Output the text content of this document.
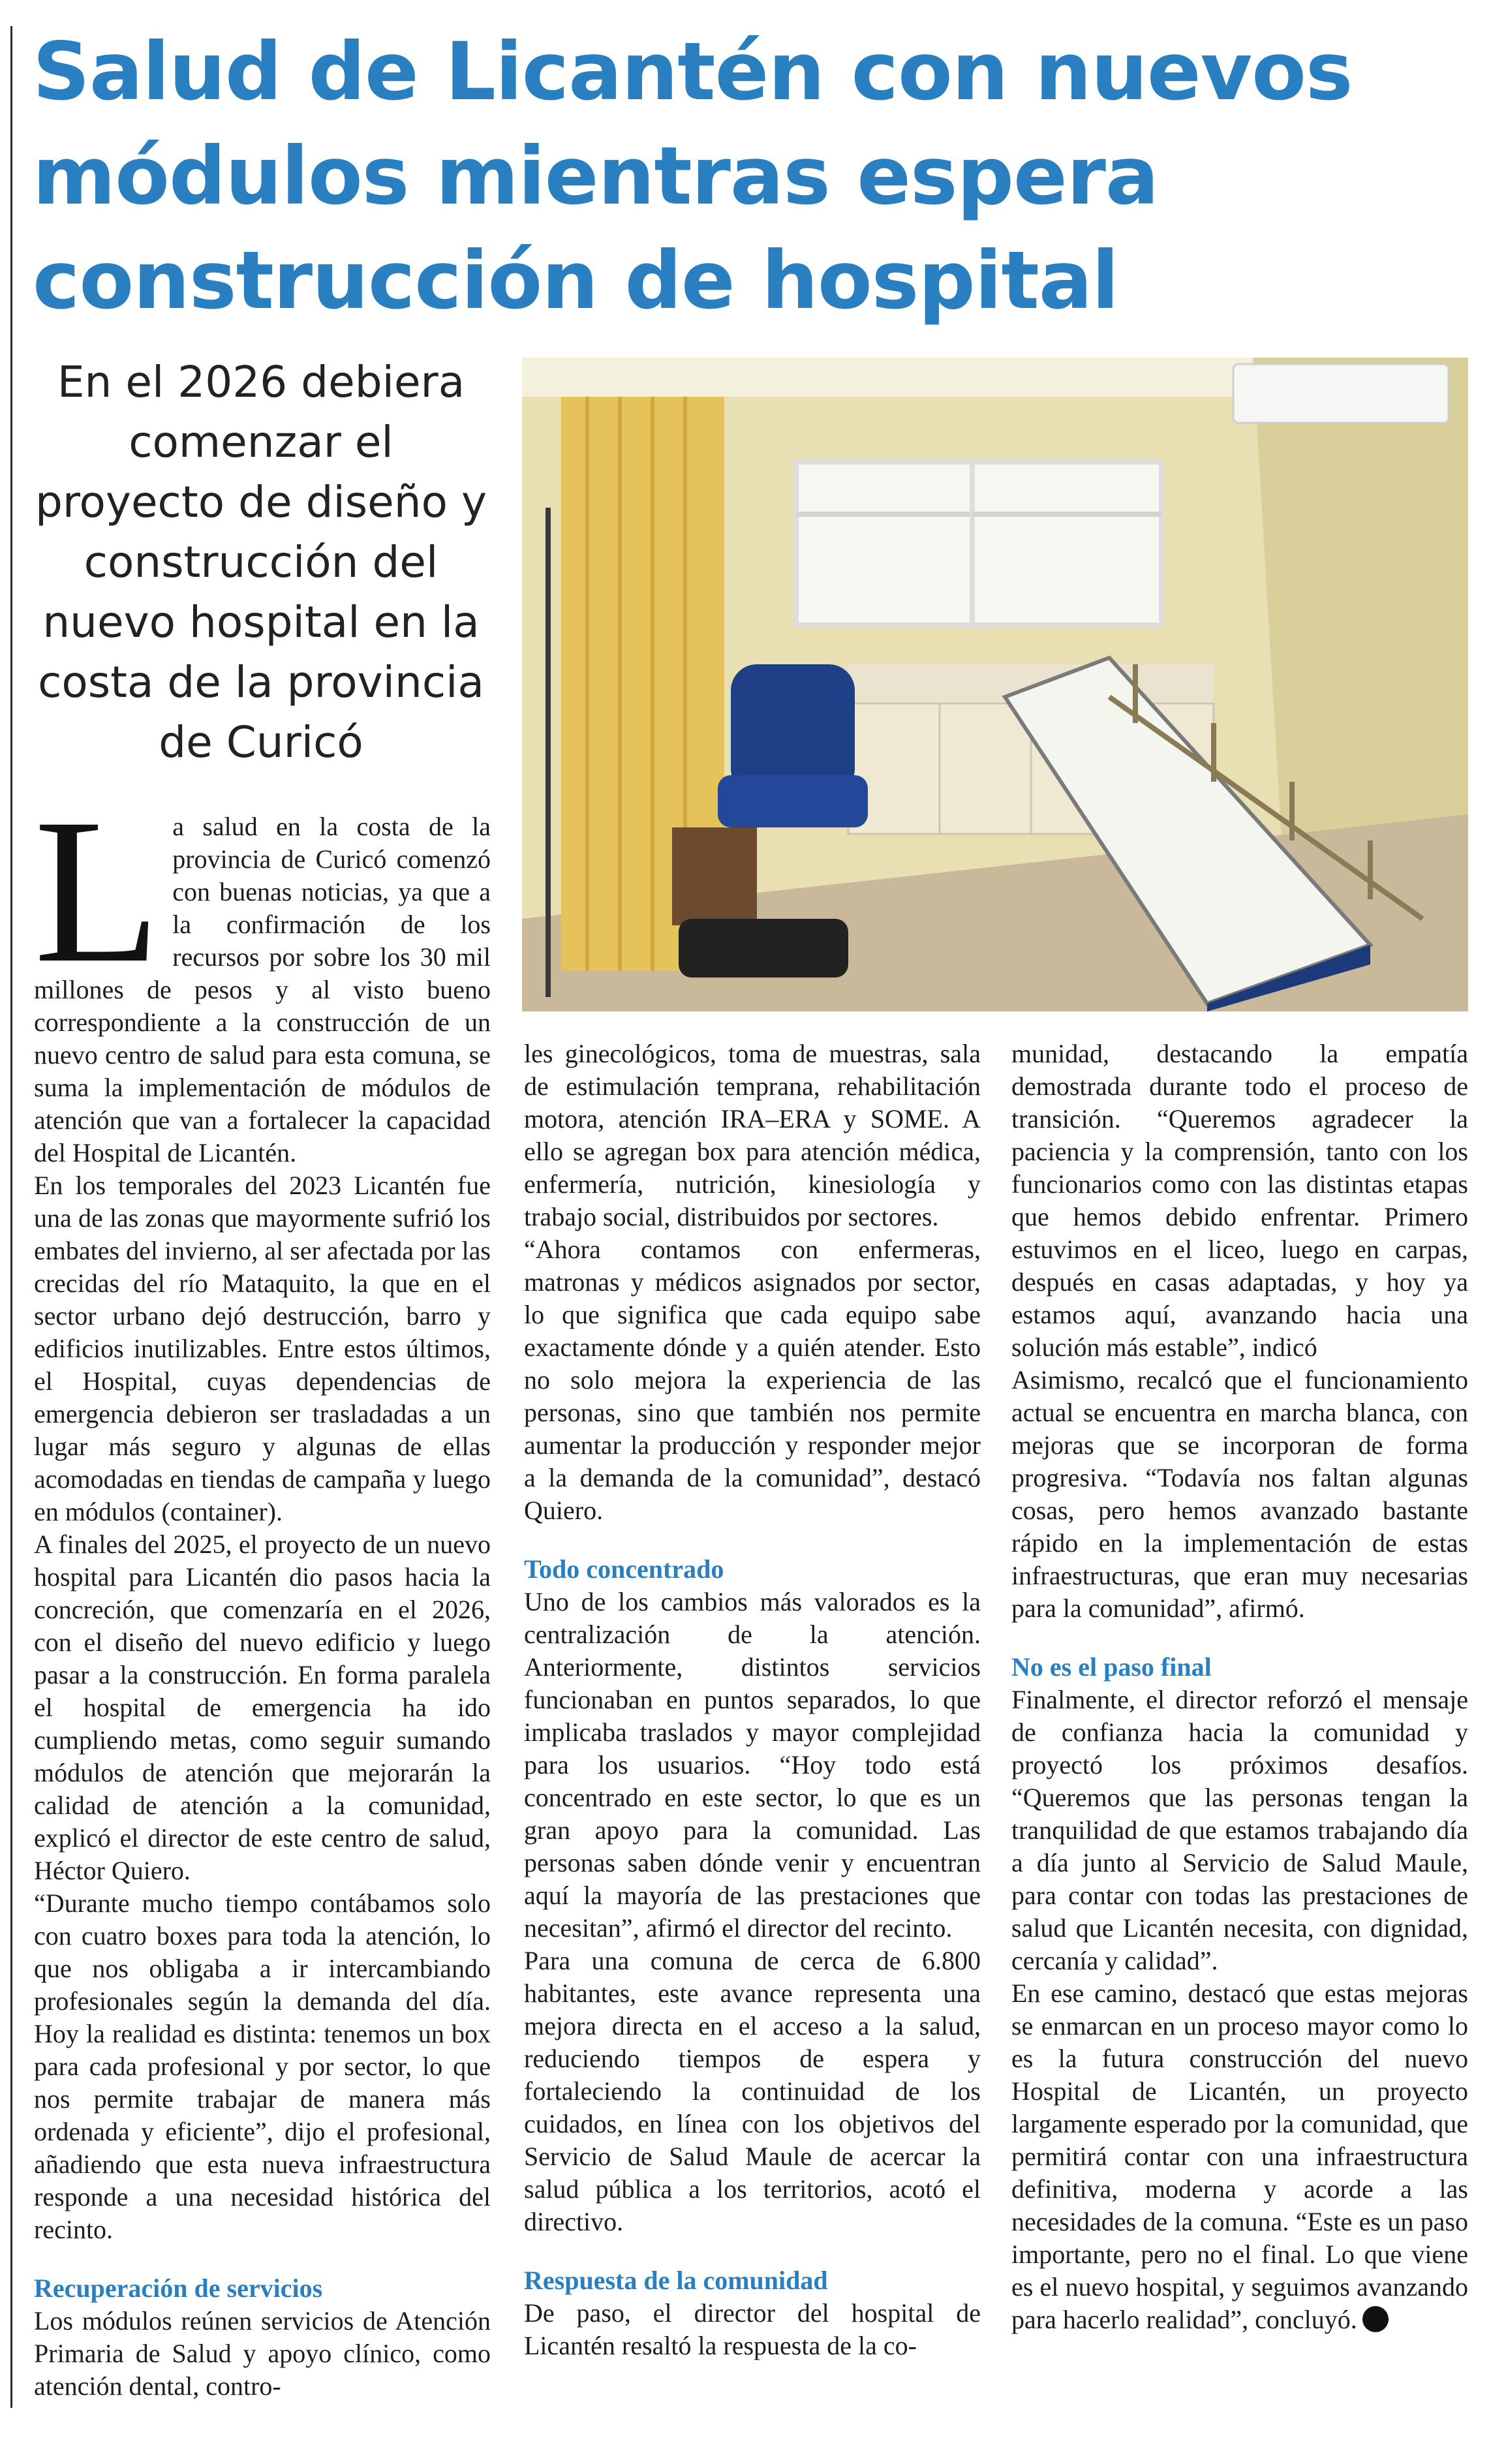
Salud de Licantén con nuevos módulos mientras espera construcción de hospital

En el 2026 debiera comenzar el proyecto de diseño y construcción del nuevo hospital en la costa de la provincia de Curicó

La salud en la costa de la provincia de Curicó comenzó con buenas noticias, ya que a la confirmación de los recursos por sobre los 30 mil millones de pesos y al visto bueno correspondiente a la construcción de un nuevo centro de salud para esta comuna, se suma la implementación de módulos de atención que van a fortalecer la capacidad del Hospital de Licantén.

En los temporales del 2023 Licantén fue una de las zonas que mayormente sufrió los embates del invierno, al ser afectada por las crecidas del río Mataquito, la que en el sector urbano dejó destrucción, barro y edificios inutilizables. Entre estos últimos, el Hospital, cuyas dependencias de emergencia debieron ser trasladadas a un lugar más seguro y algunas de ellas acomodadas en tiendas de campaña y luego en módulos (container).

A finales del 2025, el proyecto de un nuevo hospital para Licantén dio pasos hacia la concreción, que comenzaría en el 2026, con el diseño del nuevo edificio y luego pasar a la construcción. En forma paralela el hospital de emergencia ha ido cumpliendo metas, como seguir sumando módulos de atención que mejorarán la calidad de atención a la comunidad, explicó el director de este centro de salud, Héctor Quiero.

“Durante mucho tiempo contábamos solo con cuatro boxes para toda la atención, lo que nos obligaba a ir intercambiando profesionales según la demanda del día. Hoy la realidad es distinta: tenemos un box para cada profesional y por sector, lo que nos permite trabajar de manera más ordenada y eficiente”, dijo el profesional, añadiendo que esta nueva infraestructura responde a una necesidad histórica del recinto.

Recuperación de servicios

Los módulos reúnen servicios de Atención Primaria de Salud y apoyo clínico, como atención dental, contro-

les ginecológicos, toma de muestras, sala de estimulación temprana, rehabilitación motora, atención IRA–ERA y SOME. A ello se agregan box para atención médica, enfermería, nutrición, kinesiología y trabajo social, distribuidos por sectores.

“Ahora contamos con enfermeras, matronas y médicos asignados por sector, lo que significa que cada equipo sabe exactamente dónde y a quién atender. Esto no solo mejora la experiencia de las personas, sino que también nos permite aumentar la producción y responder mejor a la demanda de la comunidad”, destacó Quiero.

Todo concentrado

Uno de los cambios más valorados es la centralización de la atención. Anteriormente, distintos servicios funcionaban en puntos separados, lo que implicaba traslados y mayor complejidad para los usuarios. “Hoy todo está concentrado en este sector, lo que es un gran apoyo para la comunidad. Las personas saben dónde venir y encuentran aquí la mayoría de las prestaciones que necesitan”, afirmó el director del recinto.

Para una comuna de cerca de 6.800 habitantes, este avance representa una mejora directa en el acceso a la salud, reduciendo tiempos de espera y fortaleciendo la continuidad de los cuidados, en línea con los objetivos del Servicio de Salud Maule de acercar la salud pública a los territorios, acotó el directivo.

Respuesta de la comunidad

De paso, el director del hospital de Licantén resaltó la respuesta de la co-

munidad, destacando la empatía demostrada durante todo el proceso de transición. “Queremos agradecer la paciencia y la comprensión, tanto con los funcionarios como con las distintas etapas que hemos debido enfrentar. Primero estuvimos en el liceo, luego en carpas, después en casas adaptadas, y hoy ya estamos aquí, avanzando hacia una solución más estable”, indicó

Asimismo, recalcó que el funcionamiento actual se encuentra en marcha blanca, con mejoras que se incorporan de forma progresiva. “Todavía nos faltan algunas cosas, pero hemos avanzado bastante rápido en la implementación de estas infraestructuras, que eran muy necesarias para la comunidad”, afirmó.

No es el paso final

Finalmente, el director reforzó el mensaje de confianza hacia la comunidad y proyectó los próximos desafíos. “Queremos que las personas tengan la tranquilidad de que estamos trabajando día a día junto al Servicio de Salud Maule, para contar con todas las prestaciones de salud que Licantén necesita, con dignidad, cercanía y calidad”.

En ese camino, destacó que estas mejoras se enmarcan en un proceso mayor como lo es la futura construcción del nuevo Hospital de Licantén, un proyecto largamente esperado por la comunidad, que permitirá contar con una infraestructura definitiva, moderna y acorde a las necesidades de la comuna. “Este es un paso importante, pero no el final. Lo que viene es el nuevo hospital, y seguimos avanzando para hacerlo realidad”, concluyó.
